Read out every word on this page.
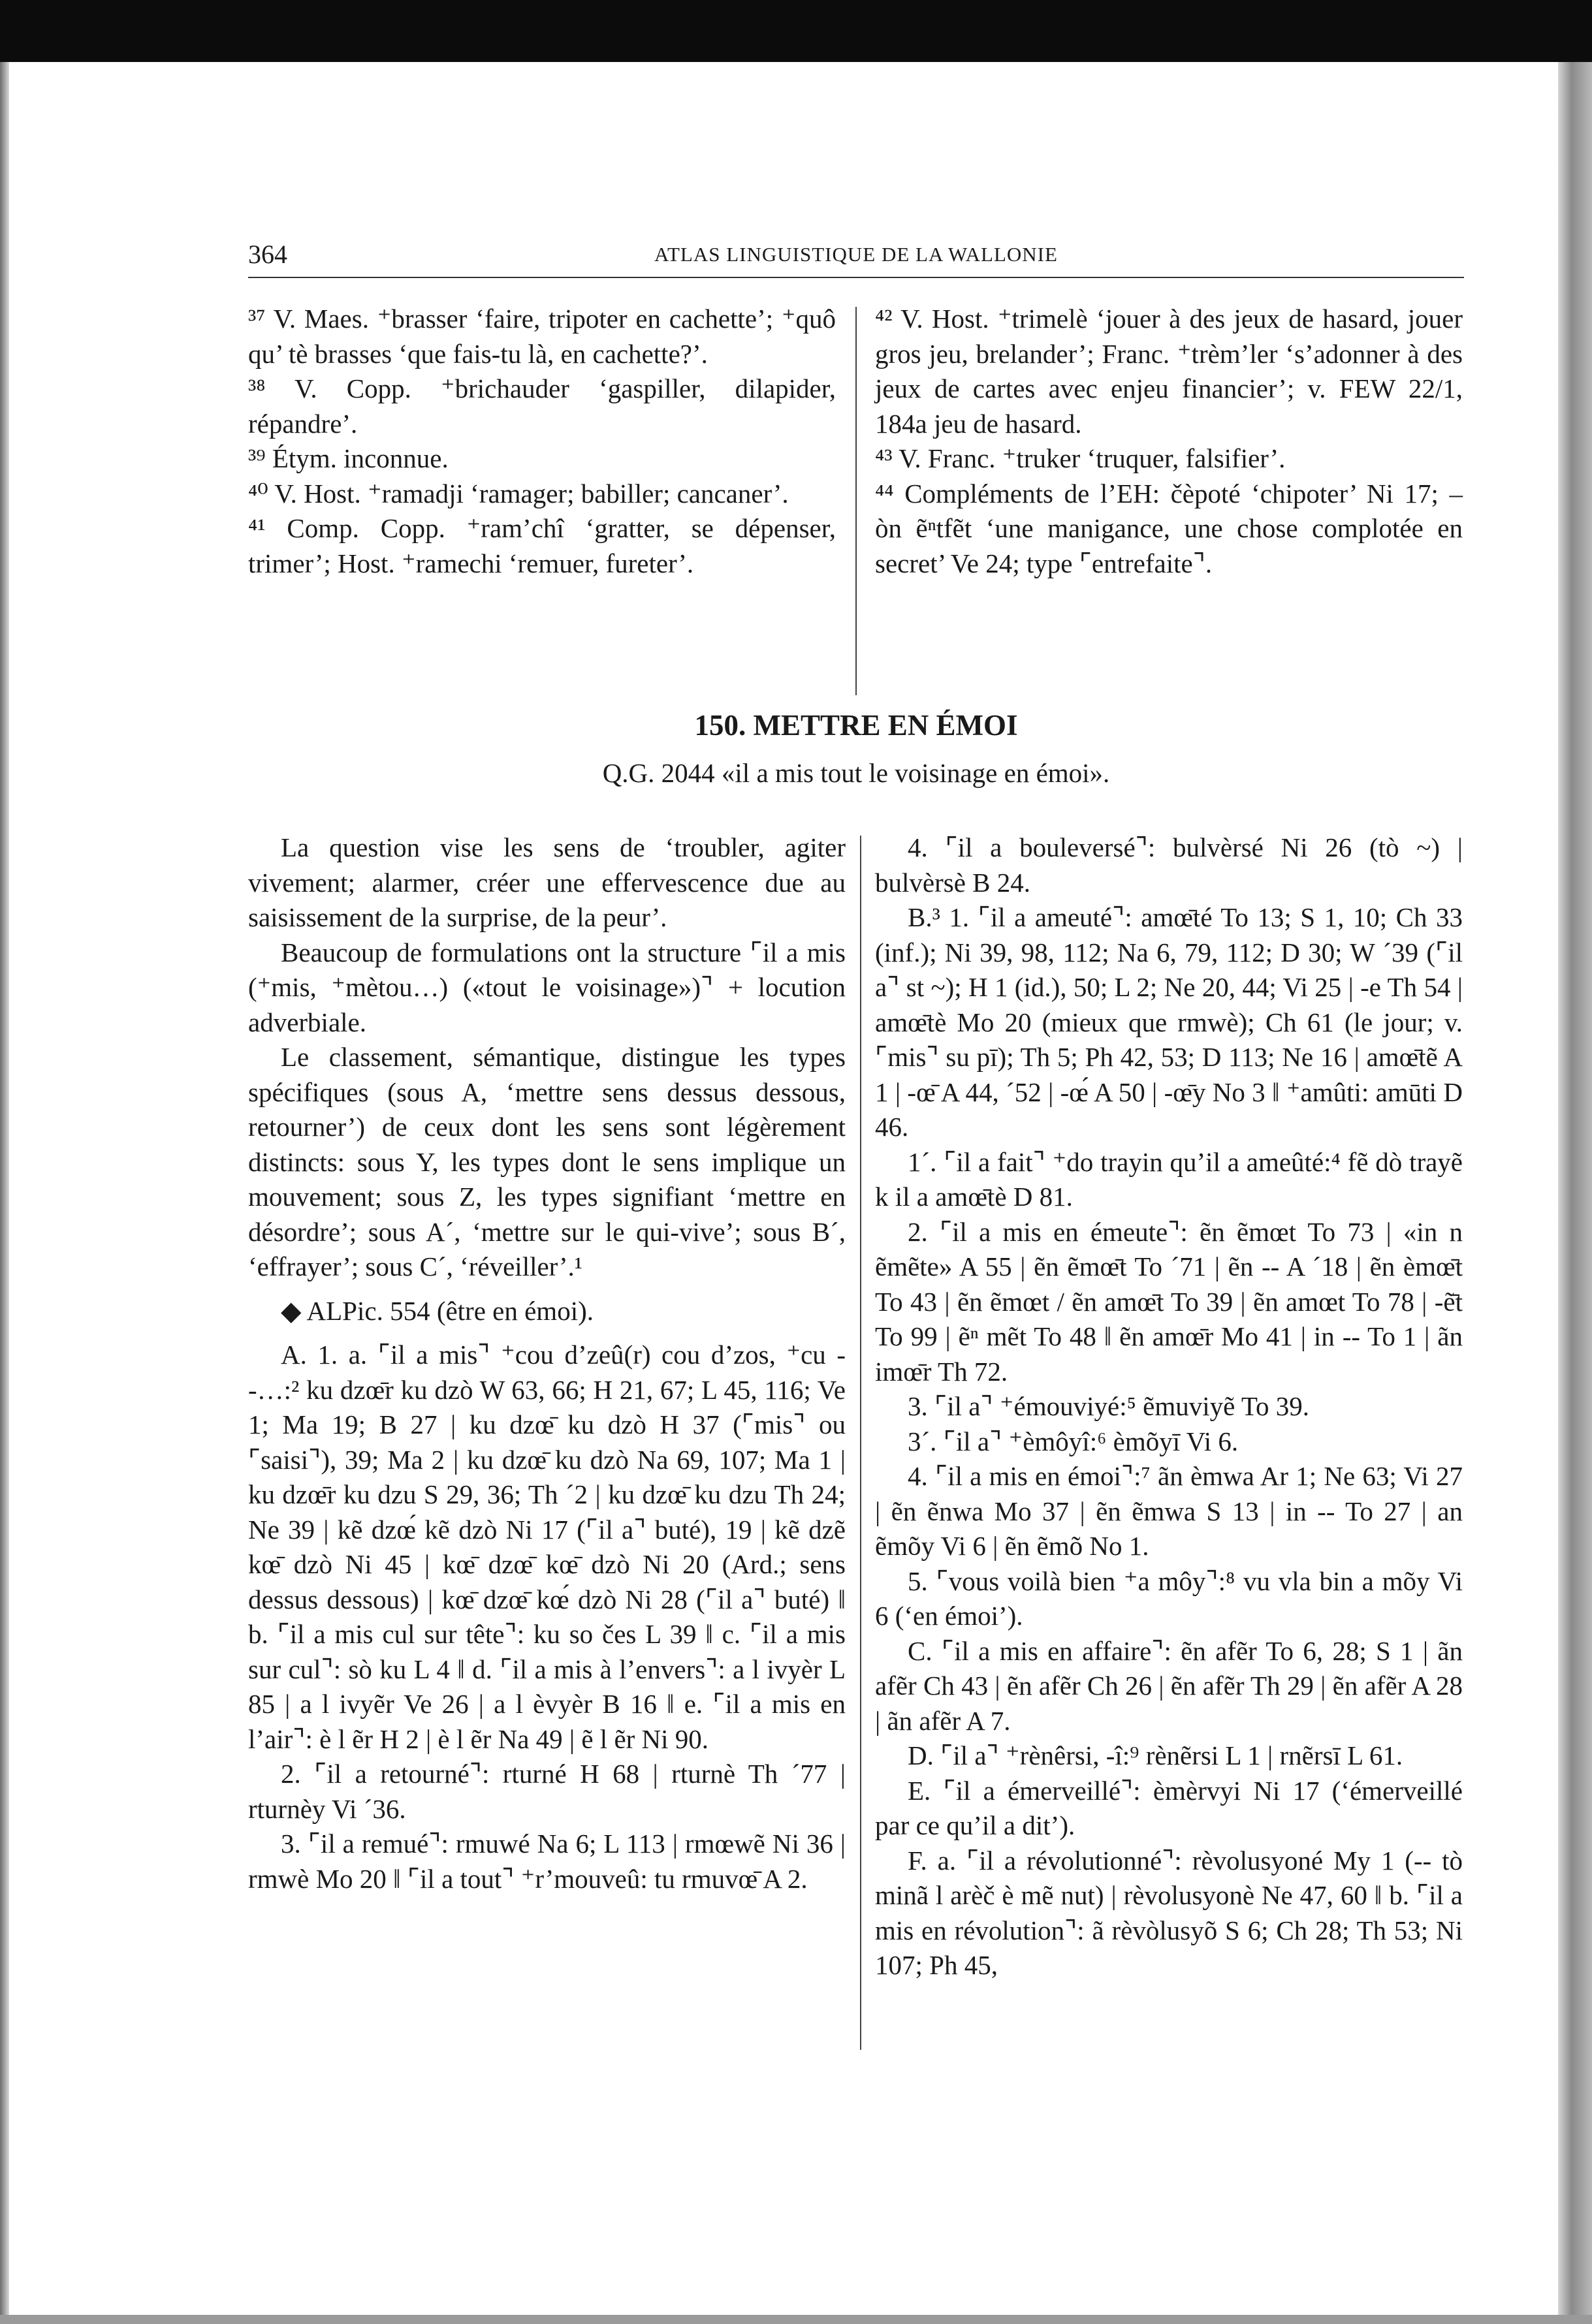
364	ATLAS LINGUISTIQUE DE LA WALLONIE

³⁷ V. Maes. ⁺brasser ‘faire, tripoter en cachette’; ⁺quô qu’ tè brasses ‘que fais-tu là, en cachette?’.

³⁸ V. Copp. ⁺brichauder ‘gaspiller, dilapider, répandre’.

³⁹ Étym. inconnue.

⁴⁰ V. Host. ⁺ramadji ‘ramager; babiller; cancaner’.

⁴¹ Comp. Copp. ⁺ram’chî ‘gratter, se dépenser, trimer’; Host. ⁺ramechi ‘remuer, fureter’.

⁴² V. Host. ⁺trimelè ‘jouer à des jeux de hasard, jouer gros jeu, brelander’; Franc. ⁺trèm’ler ‘s’adonner à des jeux de cartes avec enjeu financier’; v. FEW 22/1, 184a jeu de hasard.

⁴³ V. Franc. ⁺truker ‘truquer, falsifier’.

⁴⁴ Compléments de l’EH: čèpoté ‘chipoter’ Ni 17; – òn ẽⁿtfẽt ‘une manigance, une chose complotée en secret’ Ve 24; type ⌜entrefaite⌝.

150. METTRE EN ÉMOI
Q.G. 2044 «il a mis tout le voisinage en émoi».

La question vise les sens de ‘troubler, agiter vivement; alarmer, créer une effervescence due au saisissement de la surprise, de la peur’.

Beaucoup de formulations ont la structure ⌜il a mis (⁺mis, ⁺mètou…) («tout le voisinage»)⌝ + locution adverbiale.

Le classement, sémantique, distingue les types spécifiques (sous A, ‘mettre sens dessus dessous, retourner’) de ceux dont les sens sont légèrement distincts: sous Y, les types dont le sens implique un mouvement; sous Z, les types signifiant ‘mettre en désordre’; sous A´, ‘mettre sur le qui-vive’; sous B´, ‘effrayer’; sous C´, ‘réveiller’.¹

◆ ALPic. 554 (être en émoi).

A. 1. a. ⌜il a mis⌝ ⁺cou d’zeû(r) cou d’zos, ⁺cu --…:² ku dzœ̄r ku dzò W 63, 66; H 21, 67; L 45, 116; Ve 1; Ma 19; B 27 | ku dzœ̄ ku dzò H 37 (⌜mis⌝ ou ⌜saisi⌝), 39; Ma 2 | ku dzœ̄ ku dzò Na 69, 107; Ma 1 | ku dzœ̄r ku dzu S 29, 36; Th ´2 | ku dzœ̄ ku dzu Th 24; Ne 39 | kẽ dzœ́ kẽ dzò Ni 17 (⌜il a⌝ buté), 19 | kẽ dzẽ kœ̄ dzò Ni 45 | kœ̄ dzœ̄ kœ̄ dzò Ni 20 (Ard.; sens dessus dessous) | kœ̄ dzœ̄ kœ́ dzò Ni 28 (⌜il a⌝ buté) ‖ b. ⌜il a mis cul sur tête⌝: ku so čes L 39 ‖ c. ⌜il a mis sur cul⌝: sò ku L 4 ‖ d. ⌜il a mis à l’envers⌝: a l ivyèr L 85 | a l ivyẽr Ve 26 | a l èvyèr B 16 ‖ e. ⌜il a mis en l’air⌝: è l ẽr H 2 | è l ẽr Na 49 | ẽ l ẽr Ni 90.

2. ⌜il a retourné⌝: rturné H 68 | rturnè Th ´77 | rturnèy Vi ´36.

3. ⌜il a remué⌝: rmuwé Na 6; L 113 | rmœwẽ Ni 36 | rmwè Mo 20 ‖ ⌜il a tout⌝ ⁺r’mouveû: tu rmuvœ̄ A 2.

4. ⌜il a bouleversé⌝: bulvèrsé Ni 26 (tò ~) | bulvèrsè B 24.

B.³ 1. ⌜il a ameuté⌝: amœ̄té To 13; S 1, 10; Ch 33 (inf.); Ni 39, 98, 112; Na 6, 79, 112; D 30; W ´39 (⌜il a⌝ st ~); H 1 (id.), 50; L 2; Ne 20, 44; Vi 25 | -e Th 54 | amœ̄tè Mo 20 (mieux que rmwè); Ch 61 (le jour; v. ⌜mis⌝ su pī); Th 5; Ph 42, 53; D 113; Ne 16 | amœ̄tẽ A 1 | -œ̄ A 44, ´52 | -œ́ A 50 | -œ̄y No 3 ‖ ⁺amûti: amūti D 46.

1´. ⌜il a fait⌝ ⁺do trayin qu’il a ameûté:⁴ fẽ dò trayẽ k il a amœ̄tè D 81.

2. ⌜il a mis en émeute⌝: ẽn ẽmœt To 73 | «in n ẽmẽte» A 55 | ẽn ẽmœ̄t To ´71 | ẽn -- A ´18 | ẽn èmœ̄t To 43 | ẽn ẽmœt / ẽn amœ̄t To 39 | ẽn amœt To 78 | -ẽ̄t To 99 | ẽⁿ mẽt To 48 ‖ ẽn amœ̄r Mo 41 | in -- To 1 | ãn imœ̄r Th 72.

3. ⌜il a⌝ ⁺émouviyé:⁵ ẽmuviyẽ To 39.

3´. ⌜il a⌝ ⁺èmôyî:⁶ èmõyī Vi 6.

4. ⌜il a mis en émoi⌝:⁷ ãn èmwa Ar 1; Ne 63; Vi 27 | ẽn ẽnwa Mo 37 | ẽn ẽmwa S 13 | in -- To 27 | an ẽmõy Vi 6 | ẽn ẽmõ No 1.

5. ⌜vous voilà bien ⁺a môy⌝:⁸ vu vla bin a mõy Vi 6 (‘en émoi’).

C. ⌜il a mis en affaire⌝: ẽn afẽr To 6, 28; S 1 | ãn afẽr Ch 43 | ẽn afẽr Ch 26 | ẽn afẽr Th 29 | ẽn afẽr A 28 | ãn afẽr A 7.

D. ⌜il a⌝ ⁺rènêrsi, -î:⁹ rènẽrsi L 1 | rnẽrsī L 61.

E. ⌜il a émerveillé⌝: èmèrvyi Ni 17 (‘émerveillé par ce qu’il a dit’).

F. a. ⌜il a révolutionné⌝: rèvolusyoné My 1 (-- tò minã l arèč è mẽ nut) | rèvolusyonè Ne 47, 60 ‖ b. ⌜il a mis en révolution⌝: ã rèvòlusyõ S 6; Ch 28; Th 53; Ni 107; Ph 45,
